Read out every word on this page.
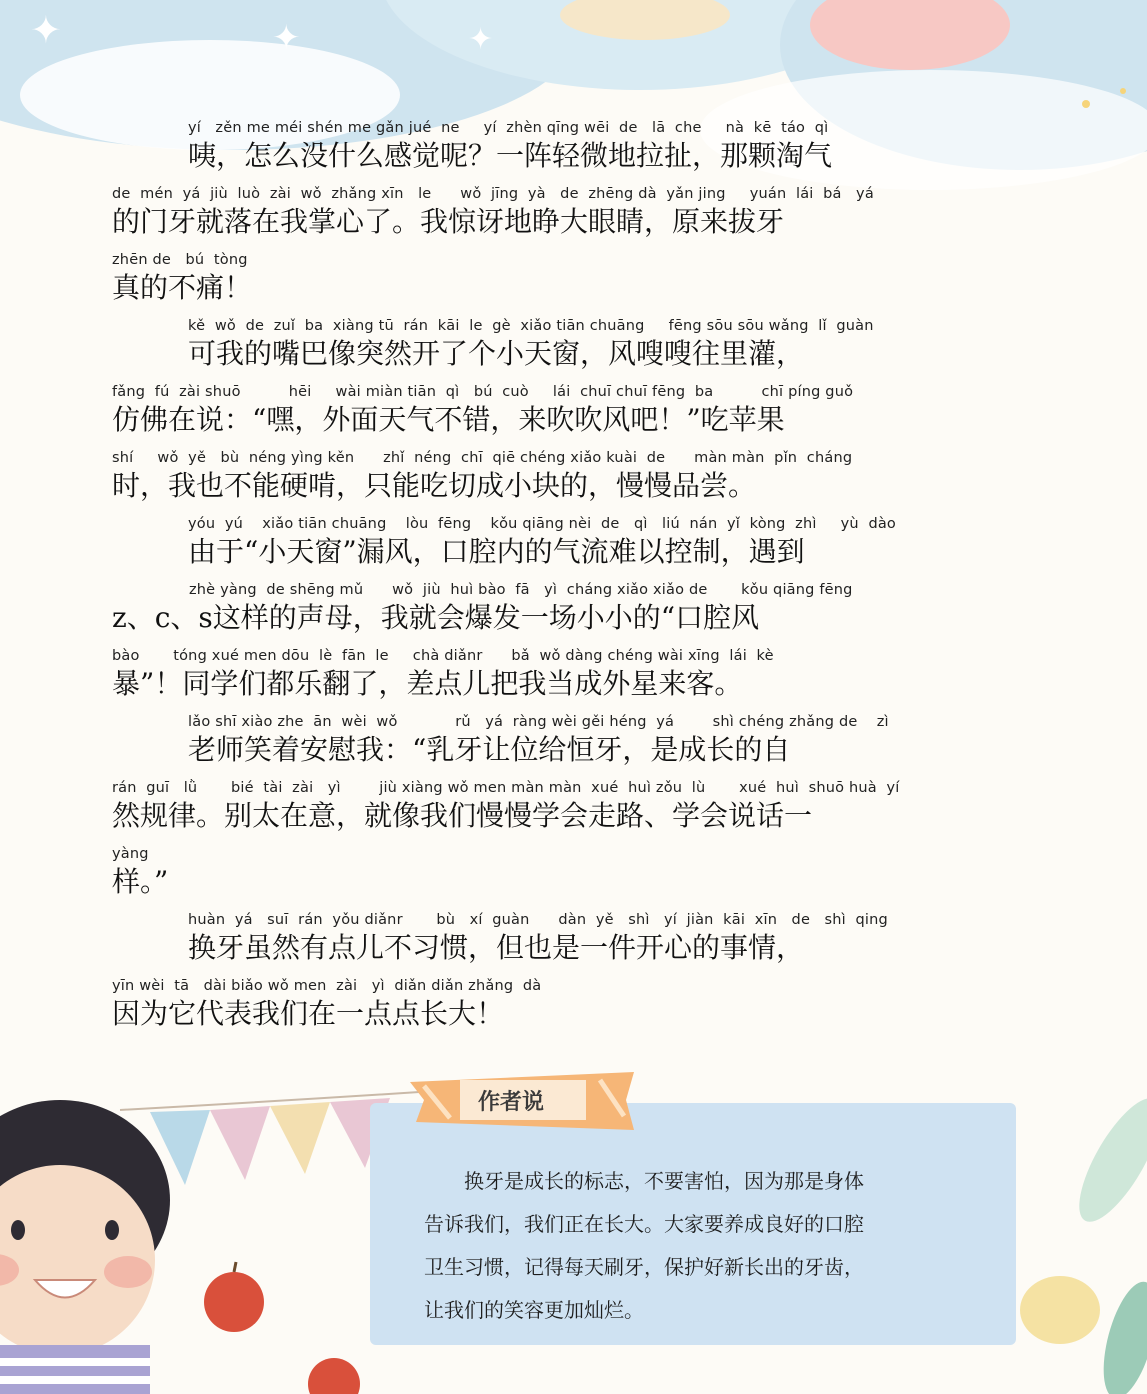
✦	✦	✦
yí   zěn me méi shén me gǎn jué  ne     yí  zhèn qīng wēi  de   lā  che     nà  kē  táo  qì
咦，怎么没什么感觉呢？一阵轻微地拉扯，那颗淘气
de  mén  yá  jiù  luò  zài  wǒ  zhǎng xīn   le      wǒ  jīng  yà   de  zhēng dà  yǎn jing     yuán  lái  bá   yá
的门牙就落在我掌心了。我惊讶地睁大眼睛，原来拔牙
zhēn de   bú  tòng
真的不痛！
kě  wǒ  de  zuǐ  ba  xiàng tū  rán  kāi  le  gè  xiǎo tiān chuāng     fēng sōu sōu wǎng  lǐ  guàn
可我的嘴巴像突然开了个小天窗，风嗖嗖往里灌，
fǎng  fú  zài shuō          hēi     wài miàn tiān  qì   bú  cuò     lái  chuī chuī fēng  ba          chī píng guǒ
仿佛在说：“嘿，外面天气不错，来吹吹风吧！”吃苹果
shí     wǒ  yě   bù  néng yìng kěn      zhǐ  néng  chī  qiē chéng xiǎo kuài  de      màn màn  pǐn  cháng
时，我也不能硬啃，只能吃切成小块的，慢慢品尝。
yóu  yú    xiǎo tiān chuāng    lòu  fēng    kǒu qiāng nèi  de   qì   liú  nán  yǐ  kòng  zhì     yù  dào
由于“小天窗”漏风，口腔内的气流难以控制，遇到
zhè yàng  de shēng mǔ      wǒ  jiù  huì bào  fā   yì  cháng xiǎo xiǎo de       kǒu qiāng fēng
z、c、s这样的声母，我就会爆发一场小小的“口腔风
bào       tóng xué men dōu  lè  fān  le     chà diǎnr      bǎ  wǒ dàng chéng wài xīng  lái  kè
暴”！同学们都乐翻了，差点儿把我当成外星来客。
lǎo shī xiào zhe  ān  wèi  wǒ            rǔ   yá  ràng wèi gěi héng  yá        shì chéng zhǎng de    zì
老师笑着安慰我：“乳牙让位给恒牙，是成长的自
rán  guī   lǜ       bié  tài  zài   yì        jiù xiàng wǒ men màn màn  xué  huì zǒu  lù       xué  huì  shuō huà  yí
然规律。别太在意，就像我们慢慢学会走路、学会说话一
yàng
样。”
huàn  yá   suī  rán  yǒu diǎnr       bù   xí  guàn      dàn  yě   shì   yí  jiàn  kāi  xīn   de   shì  qing
换牙虽然有点儿不习惯，但也是一件开心的事情，
yīn wèi  tā   dài biǎo wǒ men  zài   yì  diǎn diǎn zhǎng  dà
因为它代表我们在一点点长大！
作者说

　　换牙是成长的标志，不要害怕，因为那是身体

告诉我们，我们正在长大。大家要养成良好的口腔

卫生习惯，记得每天刷牙，保护好新长出的牙齿，

让我们的笑容更加灿烂。
